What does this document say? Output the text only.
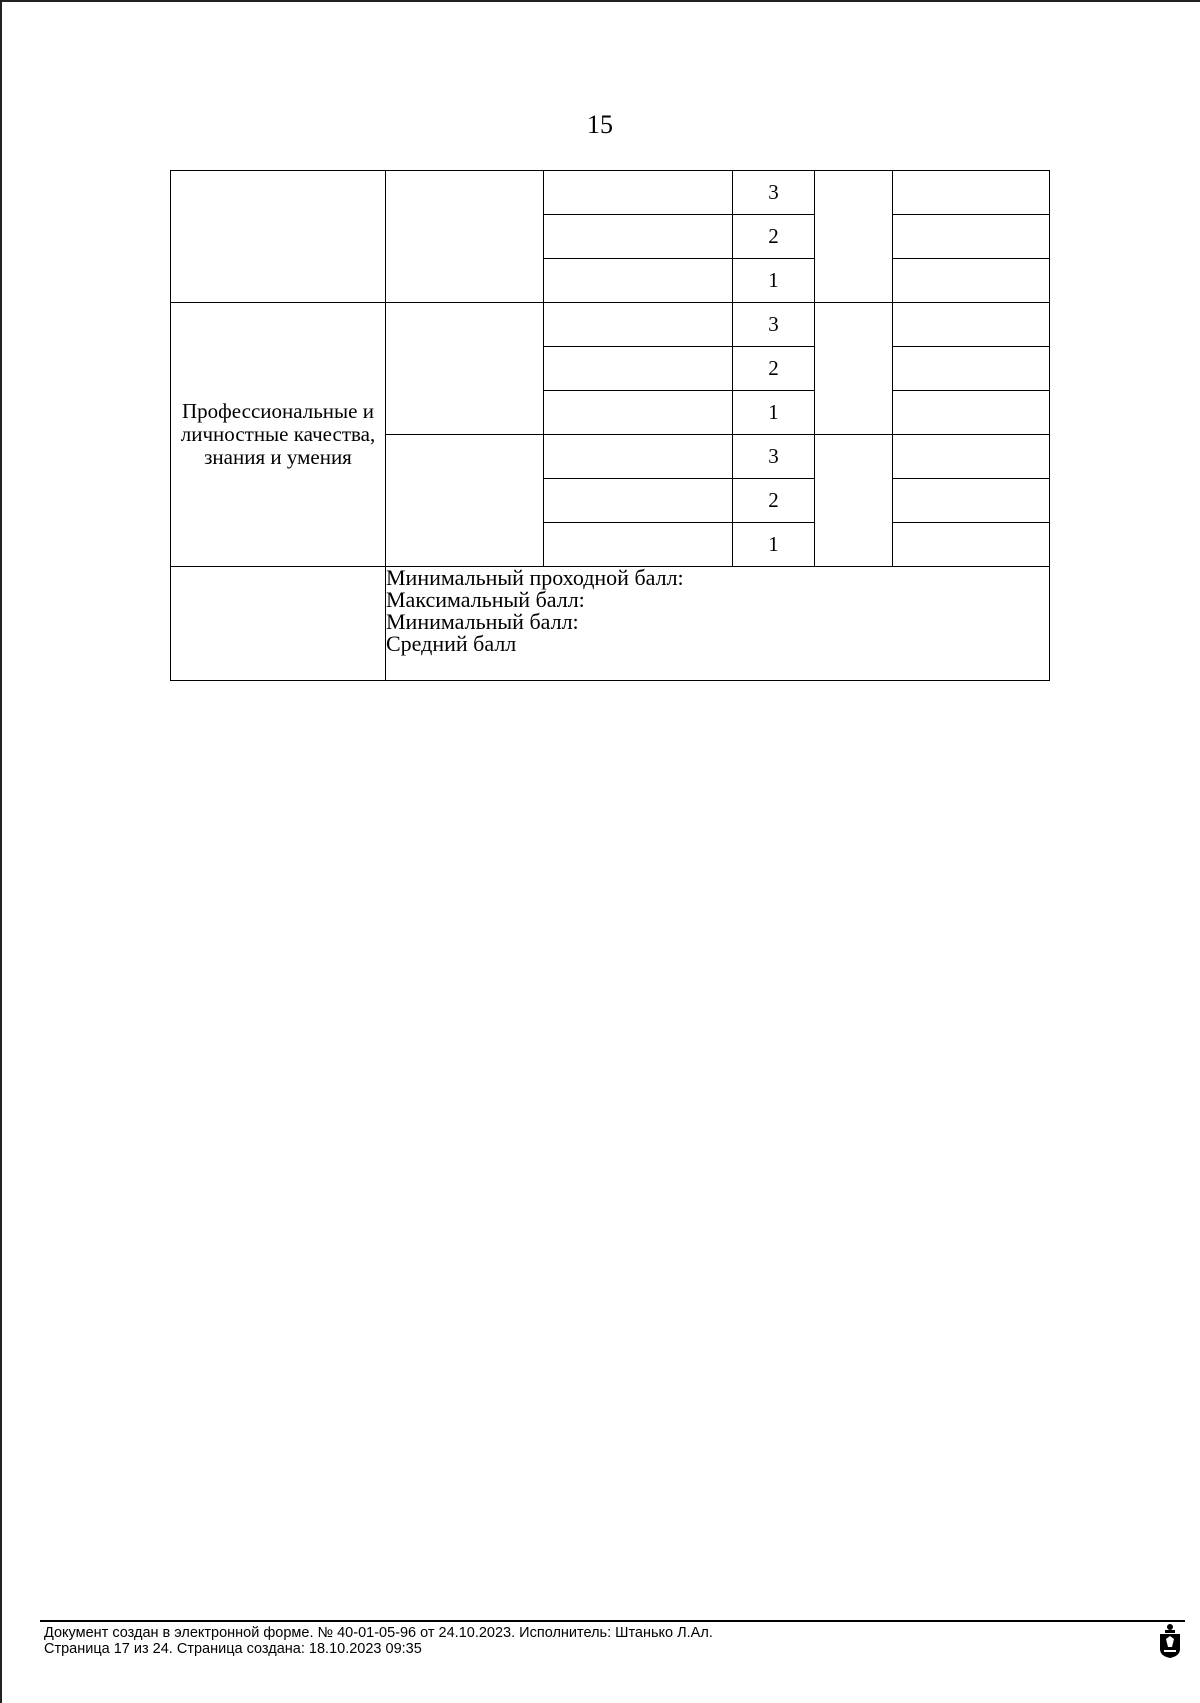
15
			3		
			2		
			1		
Профессиональные и личностные качества, знания и умения			3		
			2		
			1		
			3		
			2		
			1		

	Минимальный проходной балл:
Максимальный балл:
Минимальный балл:
Средний балл				
Документ создан в электронной форме. № 40-01-05-96 от 24.10.2023. Исполнитель: Штанько Л.Ал.
Страница 17 из 24. Страница создана: 18.10.2023 09:35
